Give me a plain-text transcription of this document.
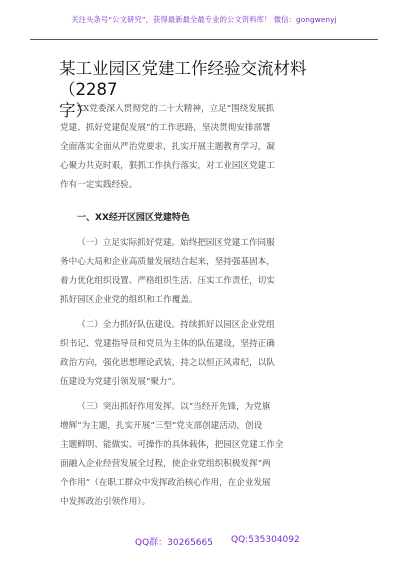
关注头条号“公文研究”，获得最新最全最专业的公文资料库！ 微信：gongwenyj
某工业园区党建工作经验交流材料（2287
字）
XX党委深入贯彻党的二十大精神，立足“围绕发展抓
党建、抓好党建促发展”的工作思路，坚决贯彻安排部署
全面落实全面从严治党要求，扎实开展主题教育学习，凝
心聚力共克时艰，狠抓工作执行落实，对工业园区党建工
作有一定实践经验。
一、XX经开区园区党建特色
（一）立足实际抓好党建。始终把园区党建工作同服
务中心大局和企业高质量发展结合起来，坚持强基固本，
着力优化组织设置、严格组织生活、压实工作责任，切实
抓好园区企业党的组织和工作覆盖。
（二）全力抓好队伍建设。持续抓好以园区企业党组
织书记、党建指导员和党员为主体的队伍建设，坚持正确
政治方向，强化思想理论武装，持之以恒正风肃纪，以队
伍建设为党建引领发展“聚力”。
（三）突出抓好作用发挥。以“当经开先锋，为党旗
增辉”为主题，扎实开展“三型”党支部创建活动，创设
主题鲜明、能做实、可操作的具体载体，把园区党建工作全
面融入企业经营发展全过程，使企业党组织积极发挥“两
个作用”（在职工群众中发挥政治核心作用，在企业发展
中发挥政治引领作用）。
QQ群：30265665 QQ:535304092
